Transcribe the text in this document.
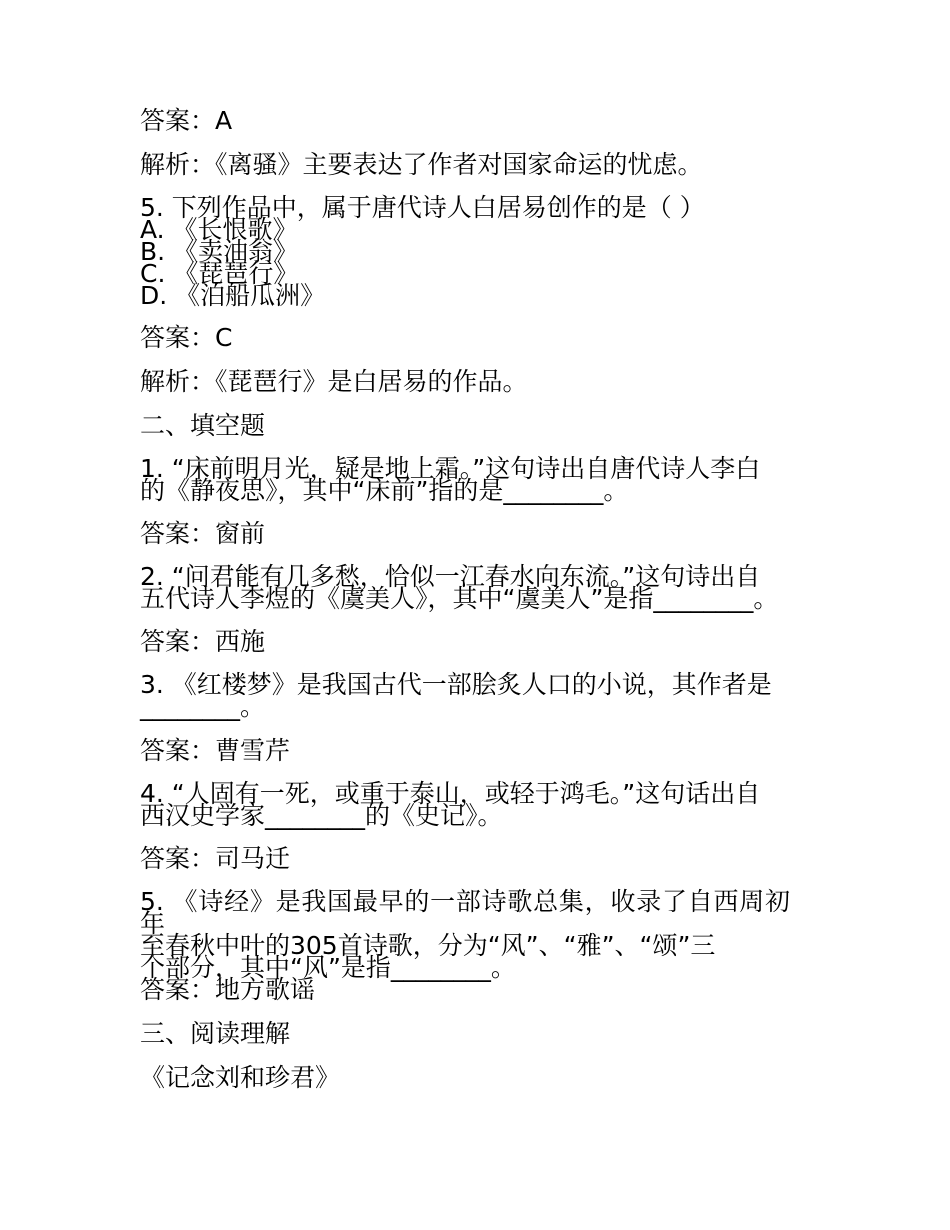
答案：A
解析：《离骚》主要表达了作者对国家命运的忧虑。
5. 下列作品中，属于唐代诗人白居易创作的是（ ）
A. 《长恨歌》
B. 《卖油翁》
C. 《琵琶行》
D. 《泊船瓜洲》
答案：C
解析：《琵琶行》是白居易的作品。
二、填空题
1. “床前明月光，疑是地上霜。”这句诗出自唐代诗人李白
的《静夜思》，其中“床前”指的是________。
答案：窗前
2. “问君能有几多愁，恰似一江春水向东流。”这句诗出自
五代诗人李煜的《虞美人》，其中“虞美人”是指________。
答案：西施
3. 《红楼梦》是我国古代一部脍炙人口的小说，其作者是
________。
答案：曹雪芹
4. “人固有一死，或重于泰山，或轻于鸿毛。”这句话出自
西汉史学家________的《史记》。
答案：司马迁
5. 《诗经》是我国最早的一部诗歌总集，收录了自西周初年
至春秋中叶的305首诗歌，分为“风”、“雅”、“颂”三
个部分，其中“风”是指________。
答案：地方歌谣
三、阅读理解
《记念刘和珍君》
